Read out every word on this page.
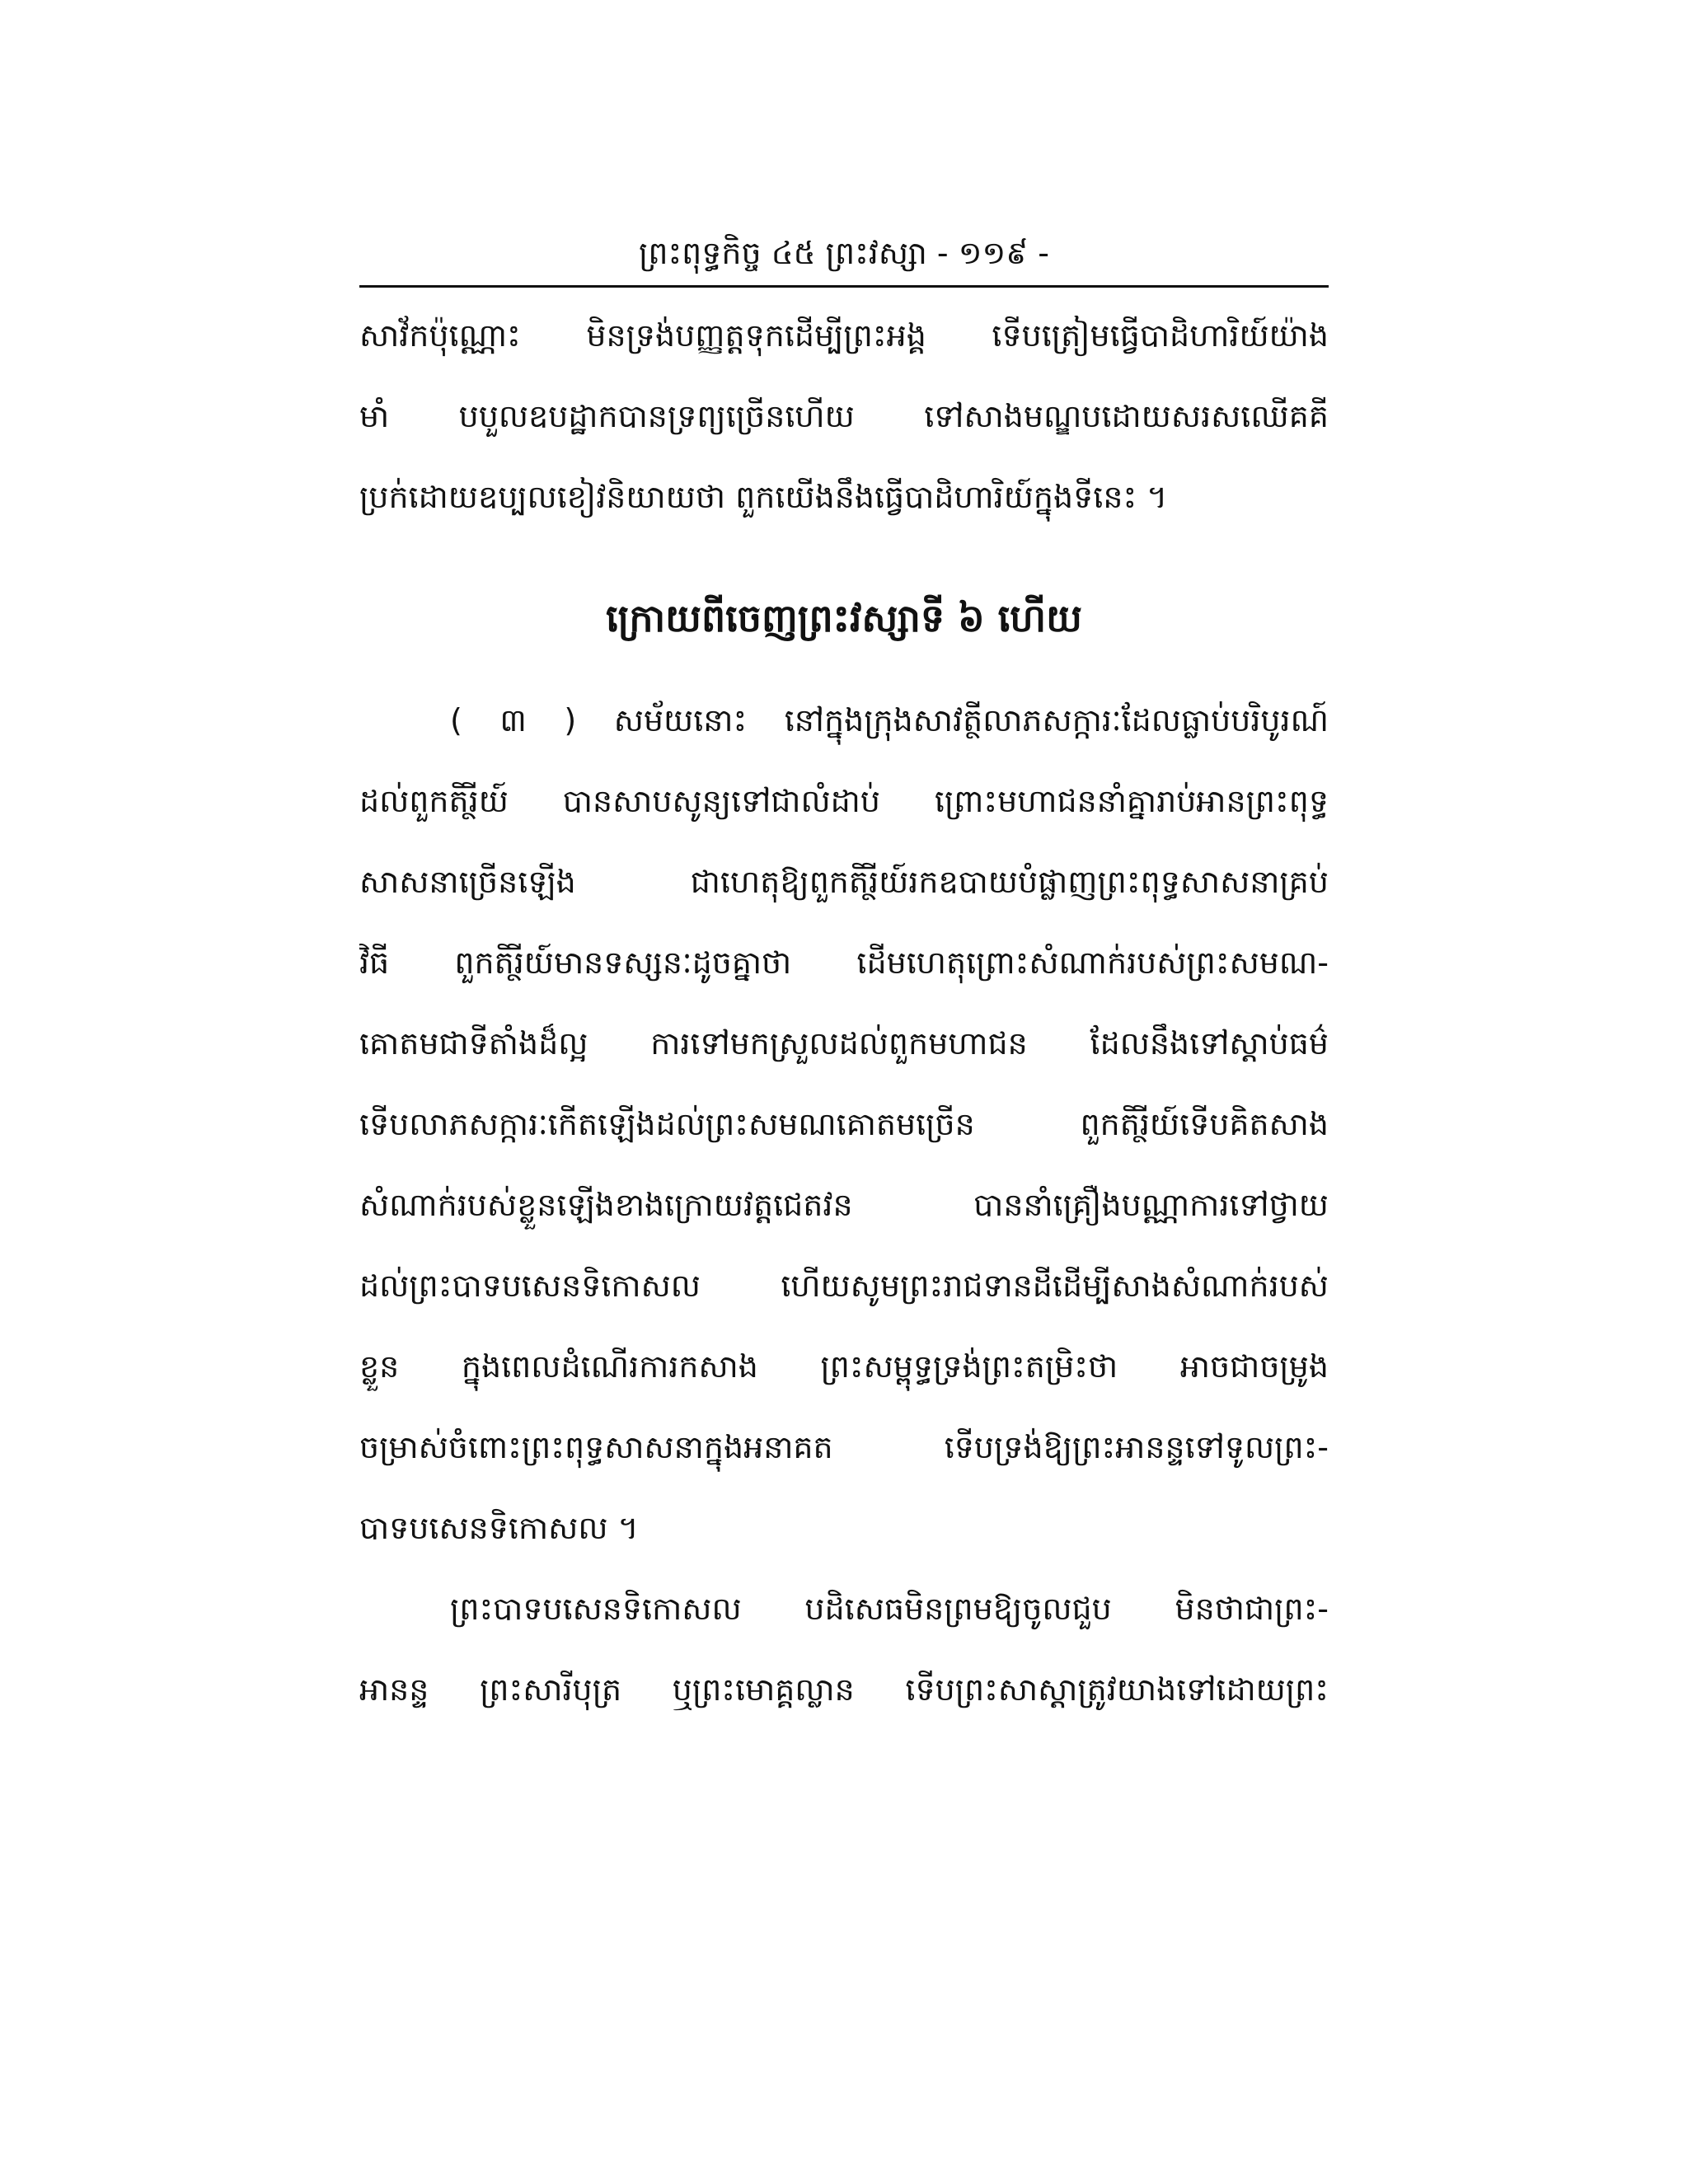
ព្រះពុទ្ធកិច្ច ៤៥ ព្រះវស្សា - ១១៩ -
សាវ័កប៉ុណ្ណោះ មិនទ្រង់បញ្ញត្តទុកដើម្បីព្រះអង្គ ទើបត្រៀមធ្វើបាដិហារិយ៍យ៉ាង
មាំ បបួលឧបដ្ឋាកបានទ្រព្យច្រើនហើយ ទៅសាងមណ្ឌបដោយសរសឈើគគី
ប្រក់ដោយឧប្បលខៀវនិយាយថា ពួកយើងនឹងធ្វើបាដិហារិយ៍ក្នុងទីនេះ ។
ក្រោយពីចេញព្រះវស្សាទី ៦ ហើយ
( ៣ ) សម័យនោះ នៅក្នុងក្រុងសាវត្ថីលាភសក្ការៈដែលធ្លាប់បរិបូរណ៍
ដល់ពួកតិរ្ថីយ៍ បានសាបសូន្យទៅជាលំដាប់ ព្រោះមហាជននាំគ្នារាប់អានព្រះពុទ្ធ
សាសនាច្រើនឡើង ជាហេតុឱ្យពួកតិរ្ថីយ៍រកឧបាយបំផ្លាញព្រះពុទ្ធសាសនាគ្រប់
វិធី ពួកតិរ្ថីយ៍មានទស្សនៈដូចគ្នាថា ដើមហេតុព្រោះសំណាក់របស់ព្រះសមណ-
គោតមជាទីតាំងដ៏ល្អ ការទៅមកស្រួលដល់ពួកមហាជន ដែលនឹងទៅស្តាប់ធម៌
ទើបលាភសក្ការៈកើតឡើងដល់ព្រះសមណគោតមច្រើន ពួកតិរ្ថីយ៍ទើបគិតសាង
សំណាក់របស់ខ្លួនឡើងខាងក្រោយវត្តជេតវន បាននាំគ្រឿងបណ្ណាការទៅថ្វាយ
ដល់ព្រះបាទបសេនទិកោសល ហើយសូមព្រះរាជទានដីដើម្បីសាងសំណាក់របស់
ខ្លួន ក្នុងពេលដំណើរការកសាង ព្រះសម្ពុទ្ធទ្រង់ព្រះតម្រិះថា អាចជាចម្រូង
ចម្រាស់ចំពោះព្រះពុទ្ធសាសនាក្នុងអនាគត ទើបទ្រង់ឱ្យព្រះអានន្ទទៅទូលព្រះ-
បាទបសេនទិកោសល ។
ព្រះបាទបសេនទិកោសល បដិសេធមិនព្រមឱ្យចូលជួប មិនថាជាព្រះ-
អានន្ទ ព្រះសារីបុត្រ ឬព្រះមោគ្គល្លាន ទើបព្រះសាស្តាត្រូវយាងទៅដោយព្រះ
